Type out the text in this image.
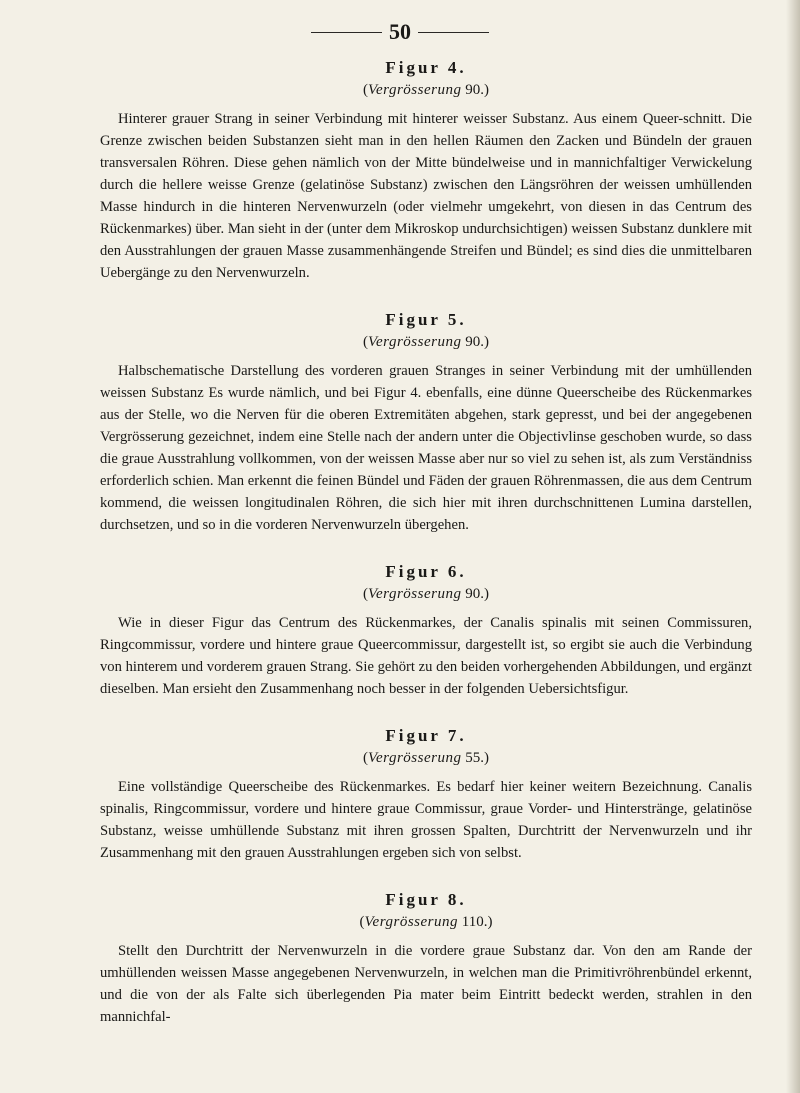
50

Figur 4.

(Vergrösserung 90.)

Hinterer grauer Strang in seiner Verbindung mit hinterer weisser Substanz. Aus einem Queer-schnitt. Die Grenze zwischen beiden Substanzen sieht man in den hellen Räumen den Zacken und Bündeln der grauen transversalen Röhren. Diese gehen nämlich von der Mitte bündelweise und in mannichfaltiger Verwickelung durch die hellere weisse Grenze (gelatinöse Substanz) zwischen den Längsröhren der weissen umhüllenden Masse hindurch in die hinteren Nervenwurzeln (oder vielmehr umgekehrt, von diesen in das Centrum des Rückenmarkes) über. Man sieht in der (unter dem Mikroskop undurchsichtigen) weissen Substanz dunklere mit den Ausstrahlungen der grauen Masse zusammenhängende Streifen und Bündel; es sind dies die unmittelbaren Uebergänge zu den Nervenwurzeln.

Figur 5.

(Vergrösserung 90.)

Halbschematische Darstellung des vorderen grauen Stranges in seiner Verbindung mit der umhüllenden weissen Substanz Es wurde nämlich, und bei Figur 4. ebenfalls, eine dünne Queerscheibe des Rückenmarkes aus der Stelle, wo die Nerven für die oberen Extremitäten abgehen, stark gepresst, und bei der angegebenen Vergrösserung gezeichnet, indem eine Stelle nach der andern unter die Objectivlinse geschoben wurde, so dass die graue Ausstrahlung vollkommen, von der weissen Masse aber nur so viel zu sehen ist, als zum Verständniss erforderlich schien. Man erkennt die feinen Bündel und Fäden der grauen Röhrenmassen, die aus dem Centrum kommend, die weissen longitudinalen Röhren, die sich hier mit ihren durchschnittenen Lumina darstellen, durchsetzen, und so in die vorderen Nervenwurzeln übergehen.

Figur 6.

(Vergrösserung 90.)

Wie in dieser Figur das Centrum des Rückenmarkes, der Canalis spinalis mit seinen Commissuren, Ringcommissur, vordere und hintere graue Queercommissur, dargestellt ist, so ergibt sie auch die Verbindung von hinterem und vorderem grauen Strang. Sie gehört zu den beiden vorhergehenden Abbildungen, und ergänzt dieselben. Man ersieht den Zusammenhang noch besser in der folgenden Uebersichtsfigur.

Figur 7.

(Vergrösserung 55.)

Eine vollständige Queerscheibe des Rückenmarkes. Es bedarf hier keiner weitern Bezeichnung. Canalis spinalis, Ringcommissur, vordere und hintere graue Commissur, graue Vorder- und Hinterstränge, gelatinöse Substanz, weisse umhüllende Substanz mit ihren grossen Spalten, Durchtritt der Nervenwurzeln und ihr Zusammenhang mit den grauen Ausstrahlungen ergeben sich von selbst.

Figur 8.

(Vergrösserung 110.)

Stellt den Durchtritt der Nervenwurzeln in die vordere graue Substanz dar. Von den am Rande der umhüllenden weissen Masse angegebenen Nervenwurzeln, in welchen man die Primitivröhrenbündel erkennt, und die von der als Falte sich überlegenden Pia mater beim Eintritt bedeckt werden, strahlen in den mannichfal-
